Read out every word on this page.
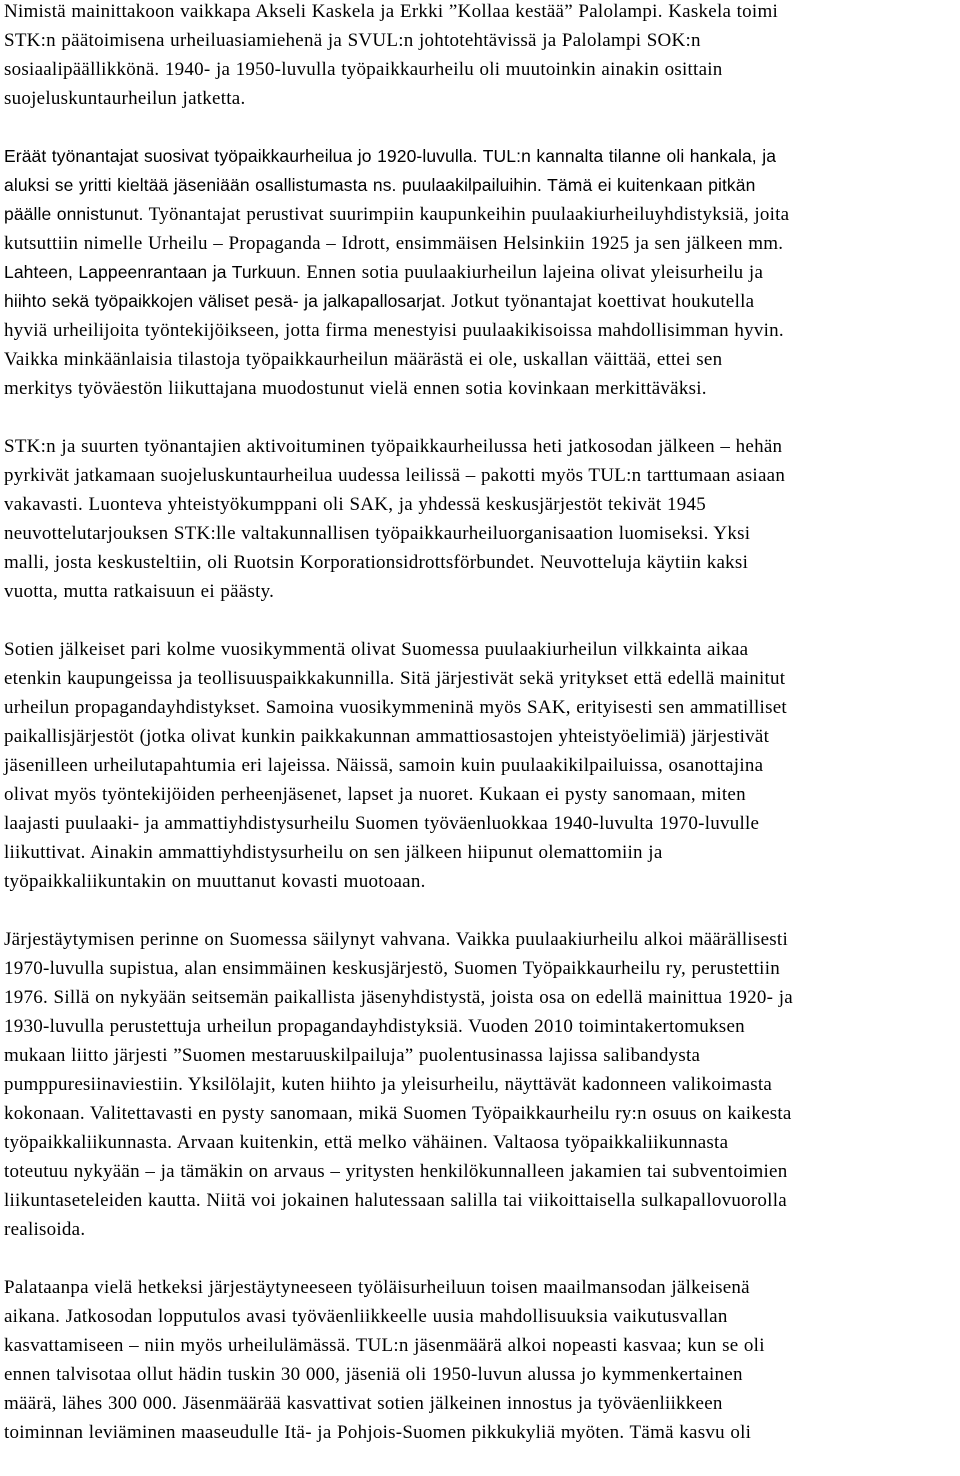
Nimistä mainittakoon vaikkapa Akseli Kaskela ja Erkki ”Kollaa kestää” Palolampi. Kaskela toimi
STK:n päätoimisena urheiluasiamiehenä ja SVUL:n johtotehtävissä ja Palolampi SOK:n
sosiaalipäällikkönä. 1940- ja 1950-luvulla työpaikkaurheilu oli muutoinkin ainakin osittain
suojeluskuntaurheilun jatketta.
Eräät työnantajat suosivat työpaikkaurheilua jo 1920-luvulla. TUL:n kannalta tilanne oli hankala, ja
aluksi se yritti kieltää jäseniään osallistumasta ns. puulaakilpailuihin. Tämä ei kuitenkaan pitkän
päälle onnistunut. Työnantajat perustivat suurimpiin kaupunkeihin puulaakiurheiluyhdistyksiä, joita
kutsuttiin nimelle Urheilu – Propaganda – Idrott, ensimmäisen Helsinkiin 1925 ja sen jälkeen mm.
Lahteen, Lappeenrantaan ja Turkuun. Ennen sotia puulaakiurheilun lajeina olivat yleisurheilu ja
hiihto sekä työpaikkojen väliset pesä- ja jalkapallosarjat. Jotkut työnantajat koettivat houkutella
hyviä urheilijoita työntekijöikseen, jotta firma menestyisi puulaakikisoissa mahdollisimman hyvin.
Vaikka minkäänlaisia tilastoja työpaikkaurheilun määrästä ei ole, uskallan väittää, ettei sen
merkitys työväestön liikuttajana muodostunut vielä ennen sotia kovinkaan merkittäväksi.
STK:n ja suurten työnantajien aktivoituminen työpaikkaurheilussa heti jatkosodan jälkeen – hehän
pyrkivät jatkamaan suojeluskuntaurheilua uudessa leilissä – pakotti myös TUL:n tarttumaan asiaan
vakavasti. Luonteva yhteistyökumppani oli SAK, ja yhdessä keskusjärjestöt tekivät 1945
neuvottelutarjouksen STK:lle valtakunnallisen työpaikkaurheiluorganisaation luomiseksi. Yksi
malli, josta keskusteltiin, oli Ruotsin Korporationsidrottsförbundet. Neuvotteluja käytiin kaksi
vuotta, mutta ratkaisuun ei päästy.
Sotien jälkeiset pari kolme vuosikymmentä olivat Suomessa puulaakiurheilun vilkkainta aikaa
etenkin kaupungeissa ja teollisuuspaikkakunnilla. Sitä järjestivät sekä yritykset että edellä mainitut
urheilun propagandayhdistykset. Samoina vuosikymmeninä myös SAK, erityisesti sen ammatilliset
paikallisjärjestöt (jotka olivat kunkin paikkakunnan ammattiosastojen yhteistyöelimiä) järjestivät
jäsenilleen urheilutapahtumia eri lajeissa. Näissä, samoin kuin puulaakikilpailuissa, osanottajina
olivat myös työntekijöiden perheenjäsenet, lapset ja nuoret. Kukaan ei pysty sanomaan, miten
laajasti puulaaki- ja ammattiyhdistysurheilu Suomen työväenluokkaa 1940-luvulta 1970-luvulle
liikuttivat. Ainakin ammattiyhdistysurheilu on sen jälkeen hiipunut olemattomiin ja
työpaikkaliikuntakin on muuttanut kovasti muotoaan.
Järjestäytymisen perinne on Suomessa säilynyt vahvana. Vaikka puulaakiurheilu alkoi määrällisesti
1970-luvulla supistua, alan ensimmäinen keskusjärjestö, Suomen Työpaikkaurheilu ry, perustettiin
1976. Sillä on nykyään seitsemän paikallista jäsenyhdistystä, joista osa on edellä mainittua 1920- ja
1930-luvulla perustettuja urheilun propagandayhdistyksiä. Vuoden 2010 toimintakertomuksen
mukaan liitto järjesti ”Suomen mestaruuskilpailuja” puolentusinassa lajissa salibandysta
pumppuresiinaviestiin. Yksilölajit, kuten hiihto ja yleisurheilu, näyttävät kadonneen valikoimasta
kokonaan. Valitettavasti en pysty sanomaan, mikä Suomen Työpaikkaurheilu ry:n osuus on kaikesta
työpaikkaliikunnasta. Arvaan kuitenkin, että melko vähäinen. Valtaosa työpaikkaliikunnasta
toteutuu nykyään – ja tämäkin on arvaus – yritysten henkilökunnalleen jakamien tai subventoimien
liikuntaseteleiden kautta. Niitä voi jokainen halutessaan salilla tai viikoittaisella sulkapallovuorolla
realisoida.
Palataanpa vielä hetkeksi järjestäytyneeseen työläisurheiluun toisen maailmansodan jälkeisenä
aikana. Jatkosodan lopputulos avasi työväenliikkeelle uusia mahdollisuuksia vaikutusvallan
kasvattamiseen – niin myös urheilulämässä. TUL:n jäsenmäärä alkoi nopeasti kasvaa; kun se oli
ennen talvisotaa ollut hädin tuskin 30 000, jäseniä oli 1950-luvun alussa jo kymmenkertainen
määrä, lähes 300 000. Jäsenmäärää kasvattivat sotien jälkeinen innostus ja työväenliikkeen
toiminnan leviäminen maaseudulle Itä- ja Pohjois-Suomen pikkukyliä myöten. Tämä kasvu oli
